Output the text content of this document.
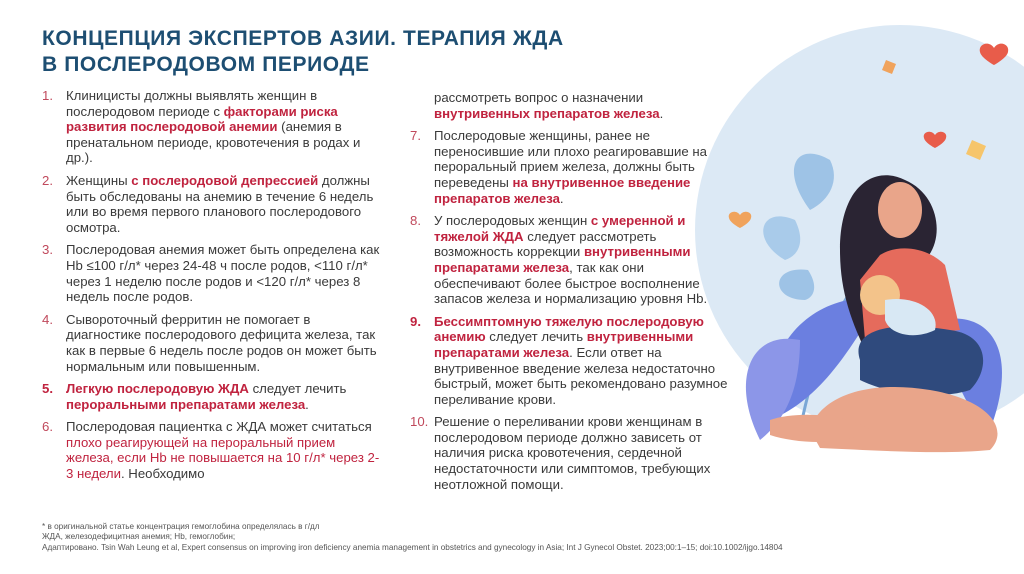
КОНЦЕПЦИЯ ЭКСПЕРТОВ АЗИИ. ТЕРАПИЯ ЖДА
В ПОСЛЕРОДОВОМ ПЕРИОДЕ
1. Клиницисты должны выявлять женщин в послеродовом периоде с факторами риска развития послеродовой анемии (анемия в пренатальном периоде, кровотечения в родах и др.).
2. Женщины с послеродовой депрессией должны быть обследованы на анемию в течение 6 недель или во время первого планового послеродового осмотра.
3. Послеродовая анемия может быть определена как Hb ≤100 г/л* через 24-48 ч после родов, <110 г/л* через 1 неделю после родов и <120 г/л* через 8 недель после родов.
4. Сывороточный ферритин не помогает в диагностике послеродового дефицита железа, так как в первые 6 недель после родов он может быть нормальным или повышенным.
5. Легкую послеродовую ЖДА следует лечить пероральными препаратами железа.
6. Послеродовая пациентка с ЖДА может считаться плохо реагирующей на пероральный прием железа, если Hb не повышается на 10 г/л* через 2-3 недели. Необходимо
рассмотреть вопрос о назначении внутривенных препаратов железа.
7. Послеродовые женщины, ранее не переносившие или плохо реагировавшие на пероральный прием железа, должны быть переведены на внутривенное введение препаратов железа.
8. У послеродовых женщин с умеренной и тяжелой ЖДА следует рассмотреть возможность коррекции внутривенными препаратами железа, так как они обеспечивают более быстрое восполнение запасов железа и нормализацию уровня Hb.
9. Бессимптомную тяжелую послеродовую анемию следует лечить внутривенными препаратами железа. Если ответ на внутривенное введение железа недостаточно быстрый, может быть рекомендовано разумное переливание крови.
10. Решение о переливании крови женщинам в послеродовом периоде должно зависеть от наличия риска кровотечения, сердечной недостаточности или симптомов, требующих неотложной помощи.
* в оригинальной статье концентрация гемоглобина определялась в г/дл
ЖДА, железодефицитная анемия; Hb, гемоглобин;
Адаптировано. Tsin Wah Leung et al, Expert consensus on improving iron deficiency anemia management in obstetrics and gynecology in Asia; Int J Gynecol Obstet. 2023;00:1–15; doi:10.1002/ijgo.14804
